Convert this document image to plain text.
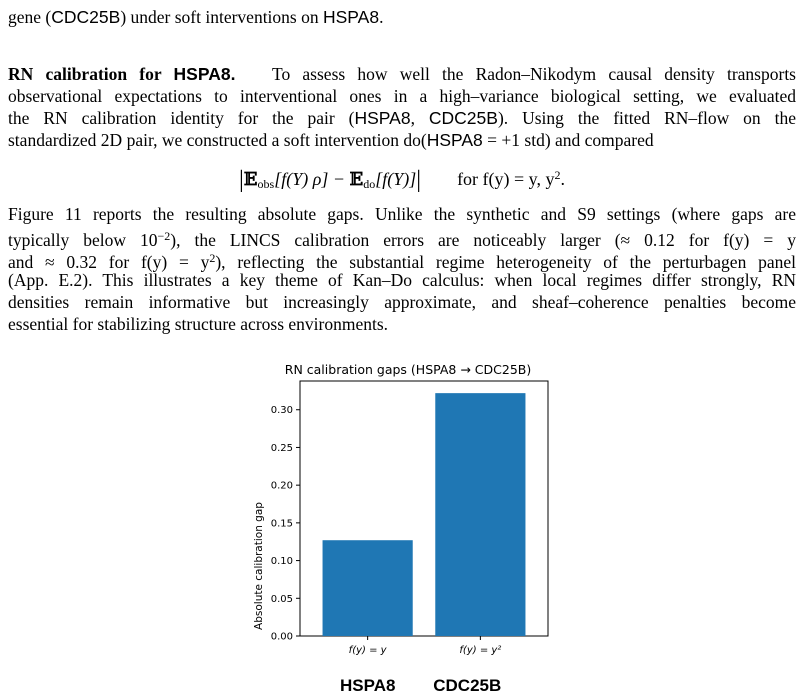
gene (CDC25B) under soft interventions on HSPA8.
RN calibration for HSPA8. To assess how well the Radon–Nikodym causal density transports
observational expectations to interventional ones in a high–variance biological setting, we evaluated
the RN calibration identity for the pair (HSPA8, CDC25B). Using the fitted RN–flow on the
standardized 2D pair, we constructed a soft intervention do(HSPA8 = +1 std) and compared
|𝔼$_{obs}$[f(Y) ρ] − 𝔼$_{do}$[f(Y)]| for f(y) = y, $y^2$.
Figure 11 reports the resulting absolute gaps. Unlike the synthetic and S9 settings (where gaps are
typically below $10^{-2}$), the LINCS calibration errors are noticeably larger (≈ 0.12 for f(y) = y
and ≈ 0.32 for $f(y) = y^2$), reflecting the substantial regime heterogeneity of the perturbagen panel
(App. E.2). This illustrates a key theme of Kan–Do calculus: when local regimes differ strongly, RN
densities remain informative but increasingly approximate, and sheaf–coherence penalties become
essential for stabilizing structure across environments.
RN calibration gaps (HSPA8 → CDC25B)
Absolute calibration gap
f(y) = y	f(y) = y²
0.00
0.05
0.10
0.15
0.20
0.25
0.30
HSPA8 CDC25B
